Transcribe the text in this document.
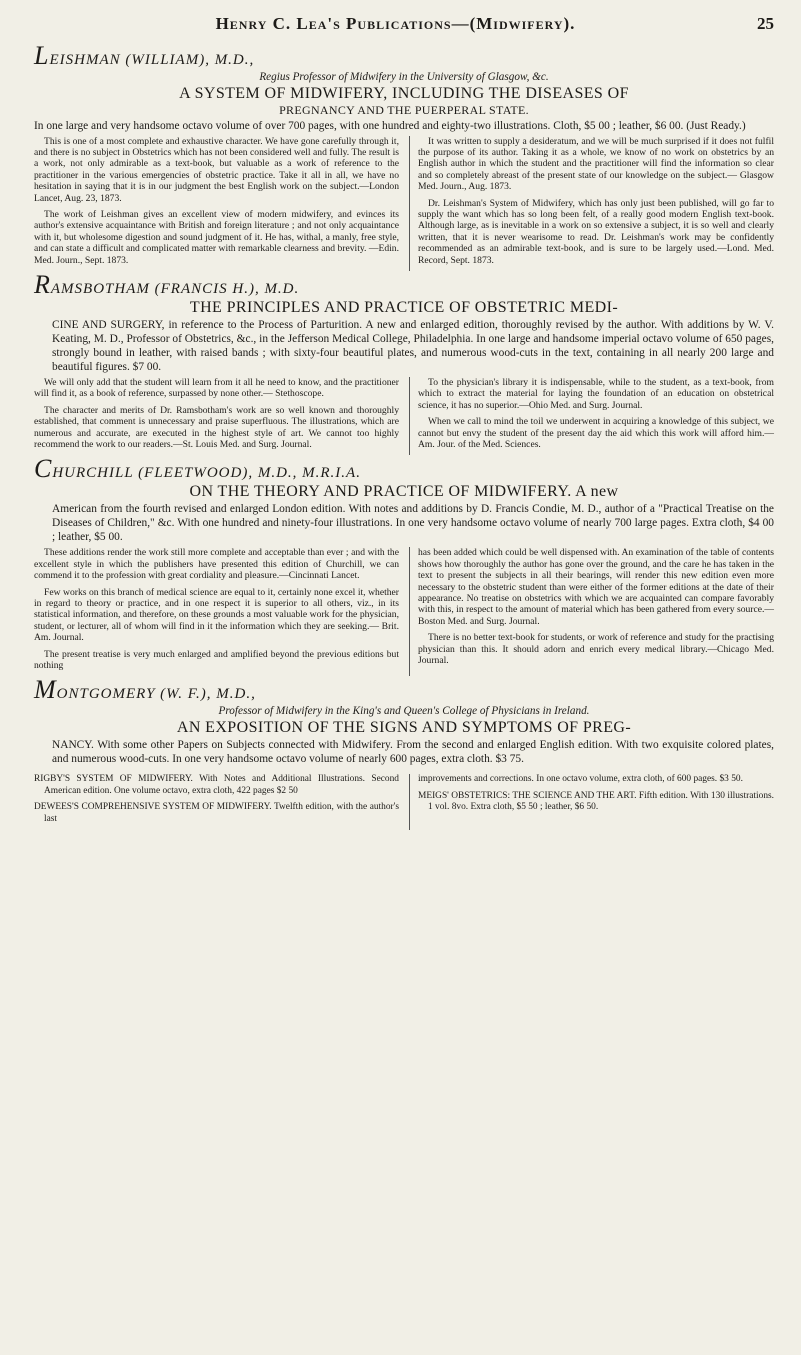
Henry C. Lea's Publications—(Midwifery).	25
LEISHMAN (WILLIAM), M.D.,
Regius Professor of Midwifery in the University of Glasgow, &c.
A SYSTEM OF MIDWIFERY, INCLUDING THE DISEASES OF
PREGNANCY AND THE PUERPERAL STATE.
In one large and very handsome octavo volume of over 700 pages, with one hundred and eighty-two illustrations. Cloth, $5 00 ; leather, $6 00. (Just Ready.)

This is one of a most complete and exhaustive character. We have gone carefully through it, and there is no subject in Obstetrics which has not been considered well and fully. The result is a work, not only admirable as a text-book, but valuable as a work of reference to the practitioner in the various emergencies of obstetric practice. Take it all in all, we have no hesitation in saying that it is in our judgment the best English work on the subject.—London Lancet, Aug. 23, 1873.

The work of Leishman gives an excellent view of modern midwifery, and evinces its author's extensive acquaintance with British and foreign literature ; and not only acquaintance with it, but wholesome digestion and sound judgment of it. He has, withal, a manly, free style, and can state a difficult and complicated matter with remarkable clearness and brevity. —Edin. Med. Journ., Sept. 1873.

It was written to supply a desideratum, and we will be much surprised if it does not fulfil the purpose of its author. Taking it as a whole, we know of no work on obstetrics by an English author in which the student and the practitioner will find the information so clear and so completely abreast of the present state of our knowledge on the subject.— Glasgow Med. Journ., Aug. 1873.

Dr. Leishman's System of Midwifery, which has only just been published, will go far to supply the want which has so long been felt, of a really good modern English text-book. Although large, as is inevitable in a work on so extensive a subject, it is so well and clearly written, that it is never wearisome to read. Dr. Leishman's work may be confidently recommended as an admirable text-book, and is sure to be largely used.—Lond. Med. Record, Sept. 1873.

RAMSBOTHAM (FRANCIS H.), M.D.
THE PRINCIPLES AND PRACTICE OF OBSTETRIC MEDI-
CINE AND SURGERY, in reference to the Process of Parturition. A new and enlarged edition, thoroughly revised by the author. With additions by W. V. Keating, M. D., Professor of Obstetrics, &c., in the Jefferson Medical College, Philadelphia. In one large and handsome imperial octavo volume of 650 pages, strongly bound in leather, with raised bands ; with sixty-four beautiful plates, and numerous wood-cuts in the text, containing in all nearly 200 large and beautiful figures. $7 00.

We will only add that the student will learn from it all he need to know, and the practitioner will find it, as a book of reference, surpassed by none other.— Stethoscope.

The character and merits of Dr. Ramsbotham's work are so well known and thoroughly established, that comment is unnecessary and praise superfluous. The illustrations, which are numerous and accurate, are executed in the highest style of art. We cannot too highly recommend the work to our readers.—St. Louis Med. and Surg. Journal.

To the physician's library it is indispensable, while to the student, as a text-book, from which to extract the material for laying the foundation of an education on obstetrical science, it has no superior.—Ohio Med. and Surg. Journal.

When we call to mind the toil we underwent in acquiring a knowledge of this subject, we cannot but envy the student of the present day the aid which this work will afford him.—Am. Jour. of the Med. Sciences.

CHURCHILL (FLEETWOOD), M.D., M.R.I.A.
ON THE THEORY AND PRACTICE OF MIDWIFERY. A new
American from the fourth revised and enlarged London edition. With notes and additions by D. Francis Condie, M. D., author of a "Practical Treatise on the Diseases of Children," &c. With one hundred and ninety-four illustrations. In one very handsome octavo volume of nearly 700 large pages. Extra cloth, $4 00 ; leather, $5 00.

These additions render the work still more complete and acceptable than ever ; and with the excellent style in which the publishers have presented this edition of Churchill, we can commend it to the profession with great cordiality and pleasure.—Cincinnati Lancet.

Few works on this branch of medical science are equal to it, certainly none excel it, whether in regard to theory or practice, and in one respect it is superior to all others, viz., in its statistical information, and therefore, on these grounds a most valuable work for the physician, student, or lecturer, all of whom will find in it the information which they are seeking.— Brit. Am. Journal.

The present treatise is very much enlarged and amplified beyond the previous editions but nothing

has been added which could be well dispensed with. An examination of the table of contents shows how thoroughly the author has gone over the ground, and the care he has taken in the text to present the subjects in all their bearings, will render this new edition even more necessary to the obstetric student than were either of the former editions at the date of their appearance. No treatise on obstetrics with which we are acquainted can compare favorably with this, in respect to the amount of material which has been gathered from every source.—Boston Med. and Surg. Journal.

There is no better text-book for students, or work of reference and study for the practising physician than this. It should adorn and enrich every medical library.—Chicago Med. Journal.

MONTGOMERY (W. F.), M.D.,
Professor of Midwifery in the King's and Queen's College of Physicians in Ireland.
AN EXPOSITION OF THE SIGNS AND SYMPTOMS OF PREG-
NANCY. With some other Papers on Subjects connected with Midwifery. From the second and enlarged English edition. With two exquisite colored plates, and numerous wood-cuts. In one very handsome octavo volume of nearly 600 pages, extra cloth. $3 75.

RIGBY'S SYSTEM OF MIDWIFERY. With Notes and Additional Illustrations. Second American edition. One volume octavo, extra cloth, 422 pages $2 50

DEWEES'S COMPREHENSIVE SYSTEM OF MIDWIFERY. Twelfth edition, with the author's last

improvements and corrections. In one octavo volume, extra cloth, of 600 pages. $3 50.

MEIGS' OBSTETRICS: THE SCIENCE AND THE ART. Fifth edition. With 130 illustrations. 1 vol. 8vo. Extra cloth, $5 50 ; leather, $6 50.
